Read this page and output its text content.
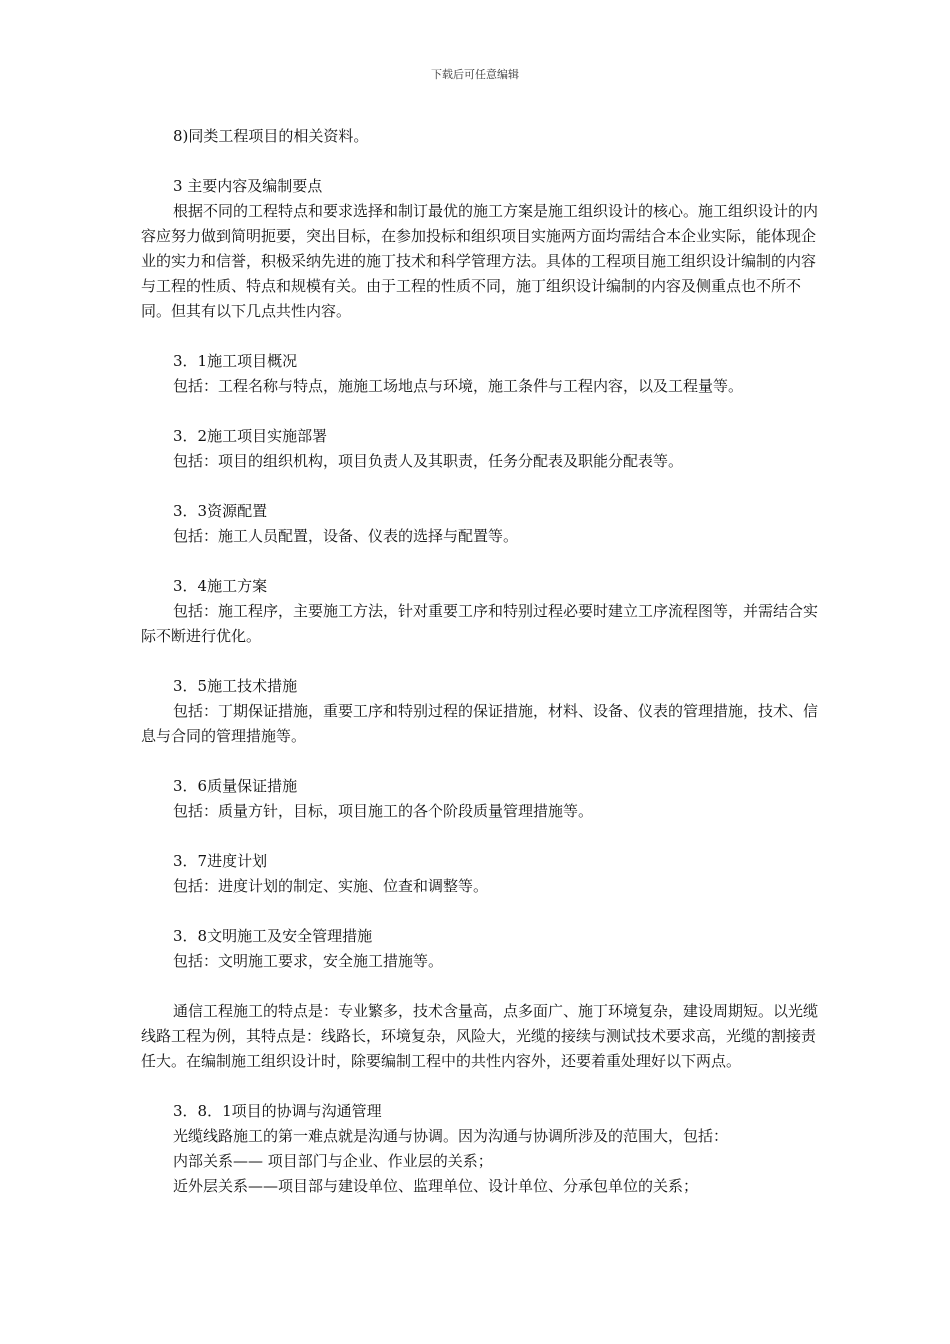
下载后可任意编辑

8)同类工程项目的相关资料。

3 主要内容及编制要点

根据不同的工程特点和要求选择和制订最优的施工方案是施工组织设计的核心。施工组织设计的内容应努力做到简明扼要，突出目标，在参加投标和组织项目实施两方面均需结合本企业实际，能体现企业的实力和信誉，积极采纳先进的施丁技术和科学管理方法。具体的工程项目施工组织设计编制的内容与工程的性质、特点和规模有关。由于工程的性质不同，施丁组织设计编制的内容及侧重点也不所不同。但其有以下几点共性内容。

3．1施工项目概况

包括：工程名称与特点，施施工场地点与环境，施工条件与工程内容，以及工程量等。

3．2施工项目实施部署

包括：项目的组织机构，项目负责人及其职责，任务分配表及职能分配表等。

3．3资源配置

包括：施工人员配置，设备、仪表的选择与配置等。

3．4施工方案

包括：施工程序，主要施工方法，针对重要工序和特别过程必要时建立工序流程图等，并需结合实际不断进行优化。

3．5施工技术措施

包括：丁期保证措施，重要工序和特别过程的保证措施，材料、设备、仪表的管理措施，技术、信息与合同的管理措施等。

3．6质量保证措施

包括：质量方针，目标，项目施工的各个阶段质量管理措施等。

3．7进度计划

包括：进度计划的制定、实施、位查和调整等。

3．8文明施工及安全管理措施

包括：文明施工要求，安全施工措施等。

通信工程施工的特点是：专业繁多，技术含量高，点多面广、施丁环境复杂，建设周期短。以光缆线路工程为例，其特点是：线路长，环境复杂，风险大，光缆的接续与测试技术要求高，光缆的割接责任大。在编制施工组织设计时，除要编制工程中的共性内容外，还要着重处理好以下两点。

3．8．1项目的协调与沟通管理

光缆线路施工的第一难点就是沟通与协调。因为沟通与协调所涉及的范围大，包括：

内部关系—— 项目部门与企业、作业层的关系；

近外层关系——项目部与建设单位、监理单位、设计单位、分承包单位的关系；
